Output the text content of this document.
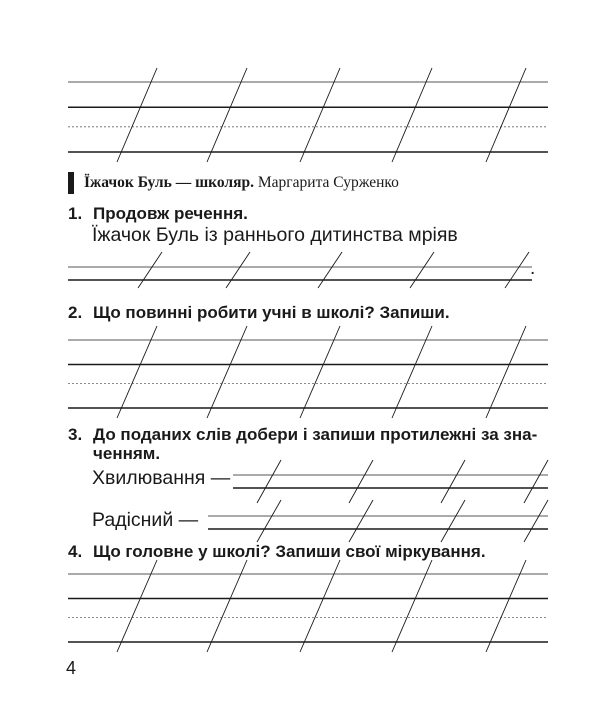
Їжачок Буль — школяр. Маргарита Сурженко
1. Продовж речення.
Їжачок Буль із раннього дитинства мріяв
.
2. Що повинні робити учні в школі? Запиши.
3. До поданих слів добери і запиши протилежні за зна-
ченням.
Хвилювання —
Радісний —
4. Що головне у школі? Запиши свої міркування.
4
